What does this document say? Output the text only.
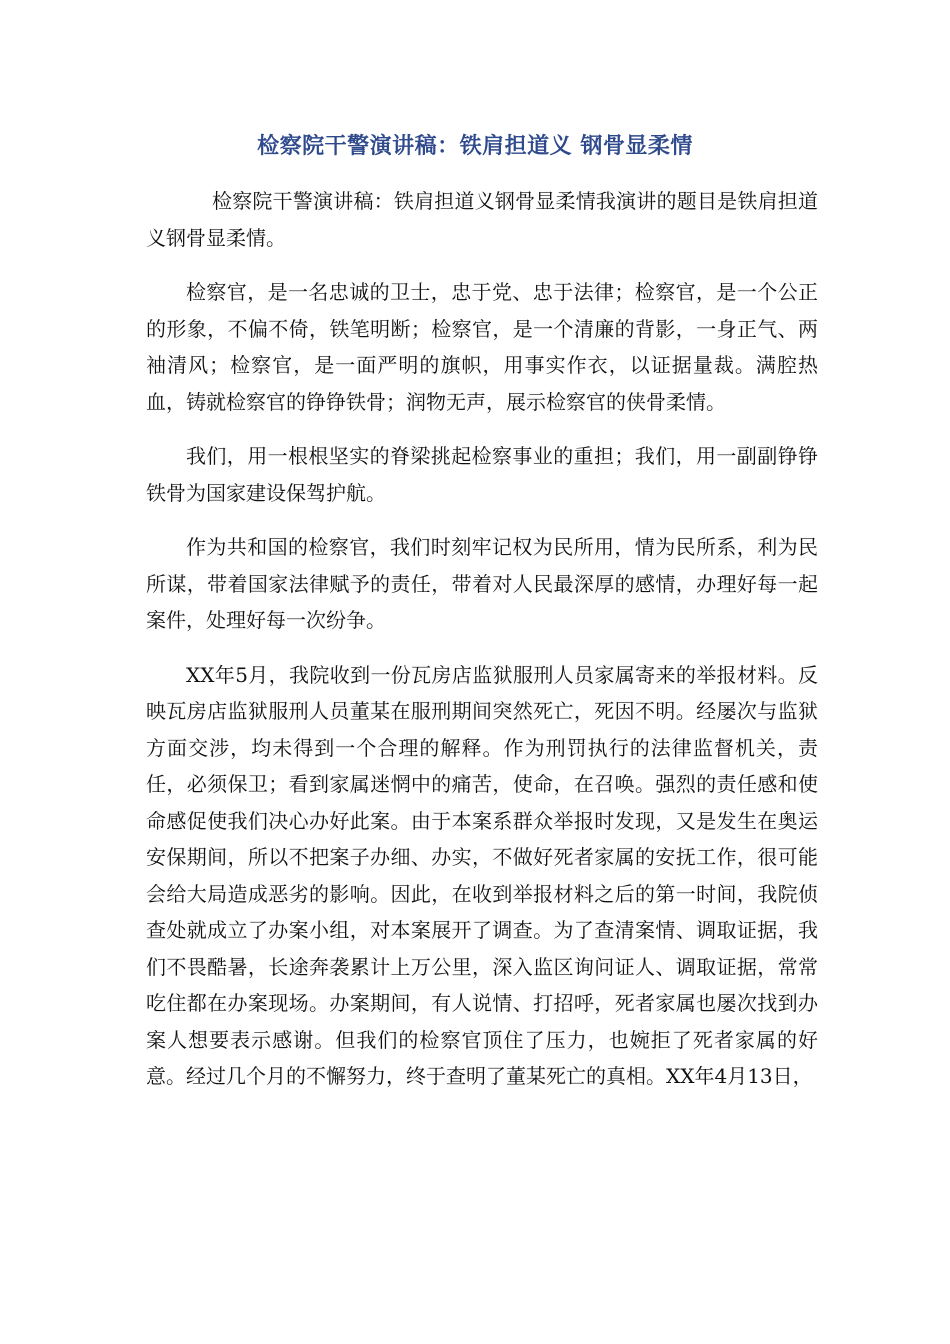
检察院干警演讲稿：铁肩担道义 钢骨显柔情

检察院干警演讲稿：铁肩担道义钢骨显柔情我演讲的题目是铁肩担道义钢骨显柔情。

检察官，是一名忠诚的卫士，忠于党、忠于法律；检察官，是一个公正的形象，不偏不倚，铁笔明断；检察官，是一个清廉的背影，一身正气、两袖清风；检察官，是一面严明的旗帜，用事实作衣，以证据量裁。满腔热血，铸就检察官的铮铮铁骨；润物无声，展示检察官的侠骨柔情。

我们，用一根根坚实的脊梁挑起检察事业的重担；我们，用一副副铮铮铁骨为国家建设保驾护航。

作为共和国的检察官，我们时刻牢记权为民所用，情为民所系，利为民所谋，带着国家法律赋予的责任，带着对人民最深厚的感情，办理好每一起案件，处理好每一次纷争。

XX年5月，我院收到一份瓦房店监狱服刑人员家属寄来的举报材料。反映瓦房店监狱服刑人员董某在服刑期间突然死亡，死因不明。经屡次与监狱方面交涉，均未得到一个合理的解释。作为刑罚执行的法律监督机关，责任，必须保卫；看到家属迷惘中的痛苦，使命，在召唤。强烈的责任感和使命感促使我们决心办好此案。由于本案系群众举报时发现，又是发生在奥运安保期间，所以不把案子办细、办实，不做好死者家属的安抚工作，很可能会给大局造成恶劣的影响。因此，在收到举报材料之后的第一时间，我院侦查处就成立了办案小组，对本案展开了调查。为了查清案情、调取证据，我们不畏酷暑，长途奔袭累计上万公里，深入监区询问证人、调取证据，常常吃住都在办案现场。办案期间，有人说情、打招呼，死者家属也屡次找到办案人想要表示感谢。但我们的检察官顶住了压力，也婉拒了死者家属的好意。经过几个月的不懈努力，终于查明了董某死亡的真相。XX年4月13日，
